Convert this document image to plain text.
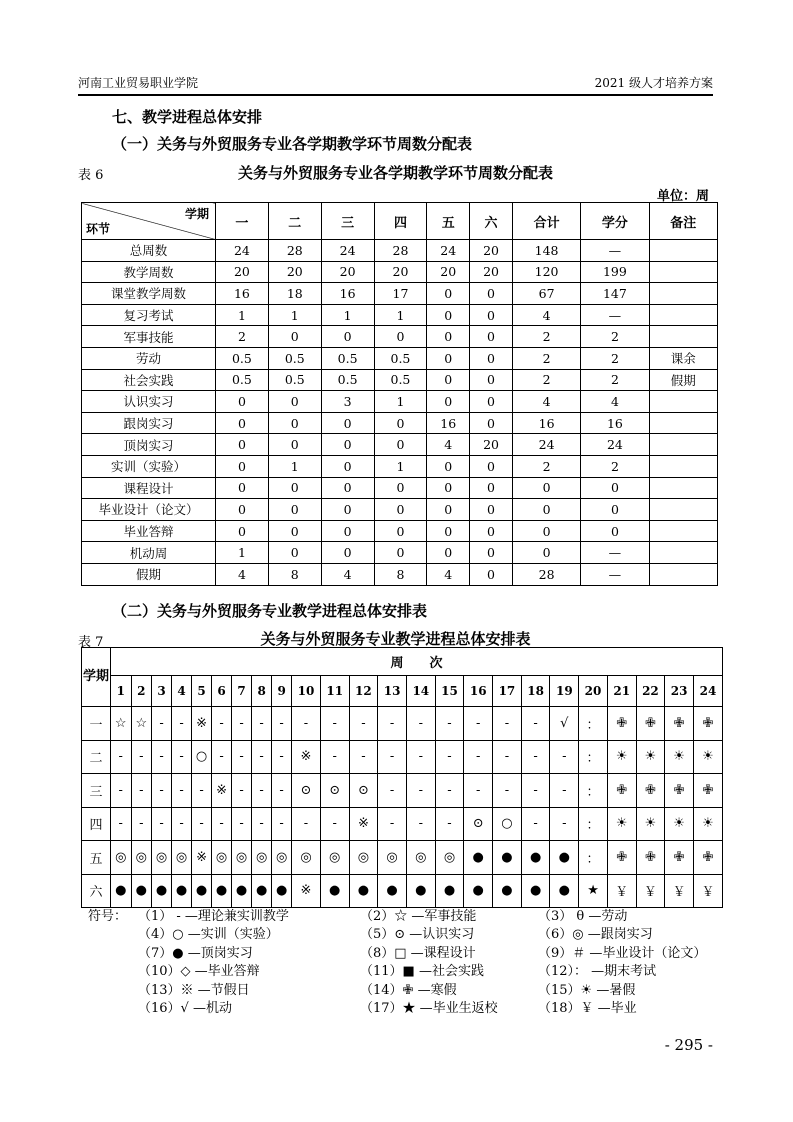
河南工业贸易职业学院	2021 级人才培养方案
七、教学进程总体安排
（一）关务与外贸服务专业各学期教学环节周数分配表
表 6	关务与外贸服务专业各学期教学环节周数分配表
单位：周
学期
环节	一	二	三	四	五	六	合计	学分	备注
总周数	24	28	24	28	24	20	148	—	
教学周数	20	20	20	20	20	20	120	199	
课堂教学周数	16	18	16	17	0	0	67	147	
复习考试	1	1	1	1	0	0	4	—	
军事技能	2	0	0	0	0	0	2	2	
劳动	0.5	0.5	0.5	0.5	0	0	2	2	课余
社会实践	0.5	0.5	0.5	0.5	0	0	2	2	假期
认识实习	0	0	3	1	0	0	4	4	
跟岗实习	0	0	0	0	16	0	16	16	
顶岗实习	0	0	0	0	4	20	24	24	
实训（实验）	0	1	0	1	0	0	2	2	
课程设计	0	0	0	0	0	0	0	0	
毕业设计（论文）	0	0	0	0	0	0	0	0	
毕业答辩	0	0	0	0	0	0	0	0	
机动周	1	0	0	0	0	0	0	—	
假期	4	8	4	8	4	0	28	—	
（二）关务与外贸服务专业教学进程总体安排表
表 7	关务与外贸服务专业教学进程总体安排表
学期	周　　次																							
	1	2	3	4	5	6	7	8	9	10	11	12	13	14	15	16	17	18	19	20	21	22	23	24
一	☆	☆	-	-	※	-	-	-	-	-	-	-	-	-	-	-	-	-	√	：	✙	✙	✙	✙
二	-	-	-	-	○	-	-	-	-	※	-	-	-	-	-	-	-	-	-	：	☀	☀	☀	☀
三	-	-	-	-	-	※	-	-	-	⊙	⊙	⊙	-	-	-	-	-	-	-	：	✙	✙	✙	✙
四	-	-	-	-	-	-	-	-	-	-	-	※	-	-	-	⊙	○	-	-	：	☀	☀	☀	☀
五	◎	◎	◎	◎	※	◎	◎	◎	◎	◎	◎	◎	◎	◎	◎	●	●	●	●	：	✙	✙	✙	✙
六	●	●	●	●	●	●	●	●	●	※	●	●	●	●	●	●	●	●	●	★	￥	￥	￥	￥
符号： （1） - —理论兼实训教学	（2）☆ —军事技能	（3） θ —劳动
（4）○ —实训（实验）	（5）⊙ —认识实习	（6）◎ —跟岗实习
（7）● —顶岗实习	（8）□ —课程设计	（9）＃ —毕业设计（论文）
（10）◇ —毕业答辩	（11）■ —社会实践	（12）： —期末考试
（13）※ —节假日	（14）✙ —寒假	（15）☀ —暑假
（16）√ —机动	（17）★ —毕业生返校	（18）￥ —毕业
- 295 -
